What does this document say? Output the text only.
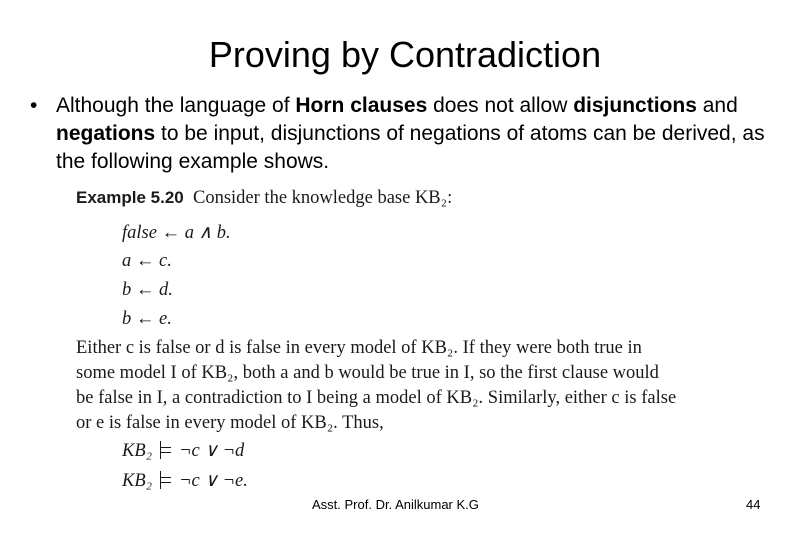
Proving by Contradiction
• Although the language of Horn clauses does not allow disjunctions and negations to be input, disjunctions of negations of atoms can be derived, as the following example shows.
Example 5.20 Consider the knowledge base KB₂:
false ← a ∧ b.
a ← c.
b ← d.
b ← e.
Either c is false or d is false in every model of KB₂. If they were both true in
some model I of KB₂, both a and b would be true in I, so the first clause would
be false in I, a contradiction to I being a model of KB₂. Similarly, either c is false
or e is false in every model of KB₂. Thus,
KB₂ ¬c ∨ ¬d
KB₂ ¬c ∨ ¬e.
Asst. Prof. Dr. Anilkumar K.G	44
